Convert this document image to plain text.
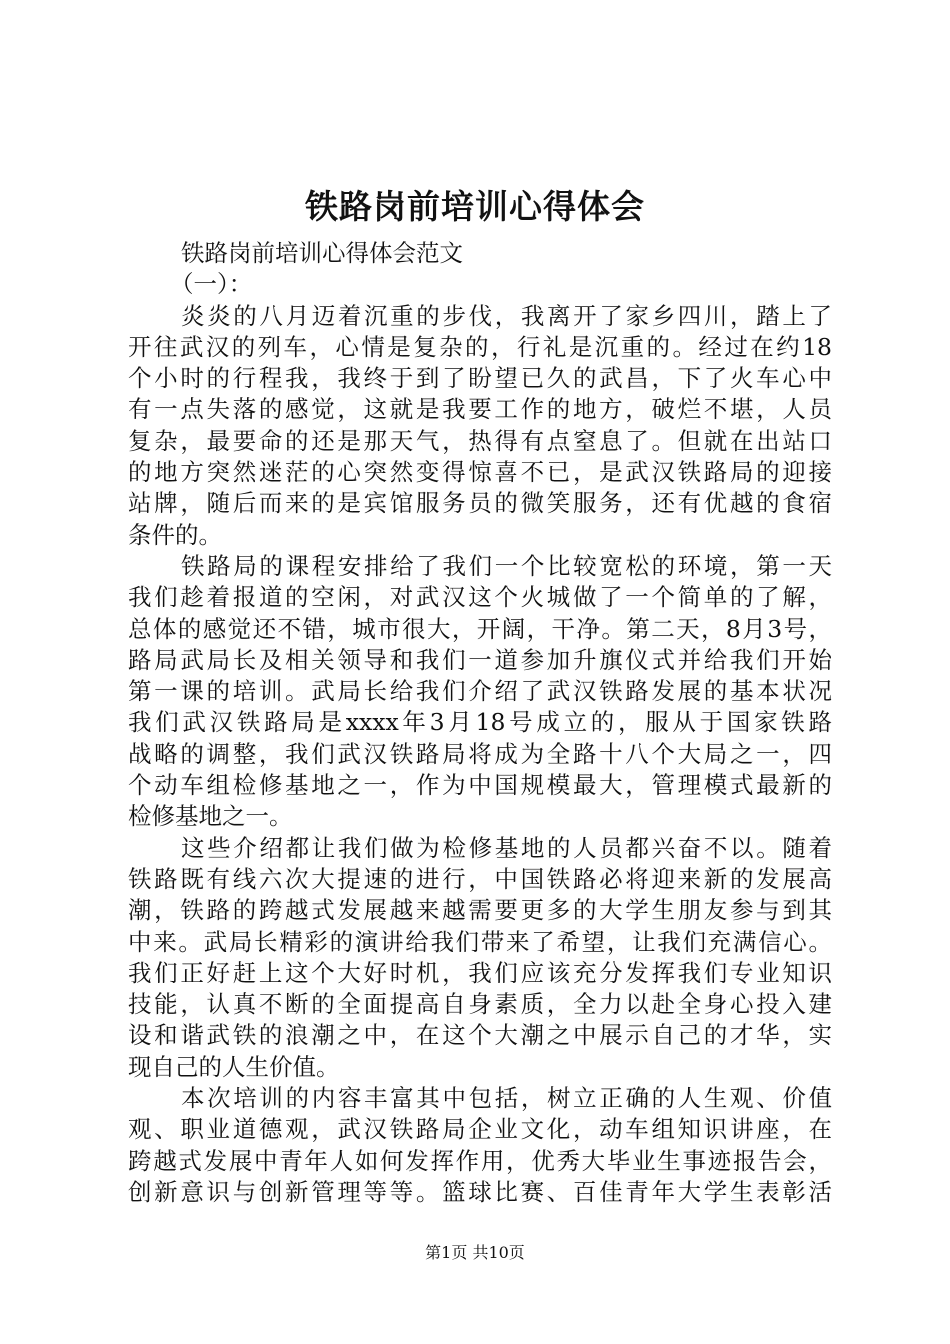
铁路岗前培训心得体会
铁路岗前培训心得体会范文
（一）：
炎炎的八月迈着沉重的步伐，我离开了家乡四川，踏上了
开往武汉的列车，心情是复杂的，行礼是沉重的。经过在约18
个小时的行程我，我终于到了盼望已久的武昌，下了火车心中
有一点失落的感觉，这就是我要工作的地方，破烂不堪，人员
复杂，最要命的还是那天气，热得有点窒息了。但就在出站口
的地方突然迷茫的心突然变得惊喜不已，是武汉铁路局的迎接
站牌，随后而来的是宾馆服务员的微笑服务，还有优越的食宿
条件的。
铁路局的课程安排给了我们一个比较宽松的环境，第一天
我们趁着报道的空闲，对武汉这个火城做了一个简单的了解，
总体的感觉还不错，城市很大，开阔，干净。第二天，8月3号，
路局武局长及相关领导和我们一道参加升旗仪式并给我们开始
第一课的培训。武局长给我们介绍了武汉铁路发展的基本状况
我们武汉铁路局是xxxx年3月18号成立的，服从于国家铁路
战略的调整，我们武汉铁路局将成为全路十八个大局之一，四
个动车组检修基地之一，作为中国规模最大，管理模式最新的
检修基地之一。
这些介绍都让我们做为检修基地的人员都兴奋不以。随着
铁路既有线六次大提速的进行，中国铁路必将迎来新的发展高
潮，铁路的跨越式发展越来越需要更多的大学生朋友参与到其
中来。武局长精彩的演讲给我们带来了希望，让我们充满信心。
我们正好赶上这个大好时机，我们应该充分发挥我们专业知识
技能，认真不断的全面提高自身素质，全力以赴全身心投入建
设和谐武铁的浪潮之中，在这个大潮之中展示自己的才华，实
现自己的人生价值。
本次培训的内容丰富其中包括，树立正确的人生观、价值
观、职业道德观，武汉铁路局企业文化，动车组知识讲座，在
跨越式发展中青年人如何发挥作用，优秀大毕业生事迹报告会，
创新意识与创新管理等等。篮球比赛、百佳青年大学生表彰活
第1页 共10页
